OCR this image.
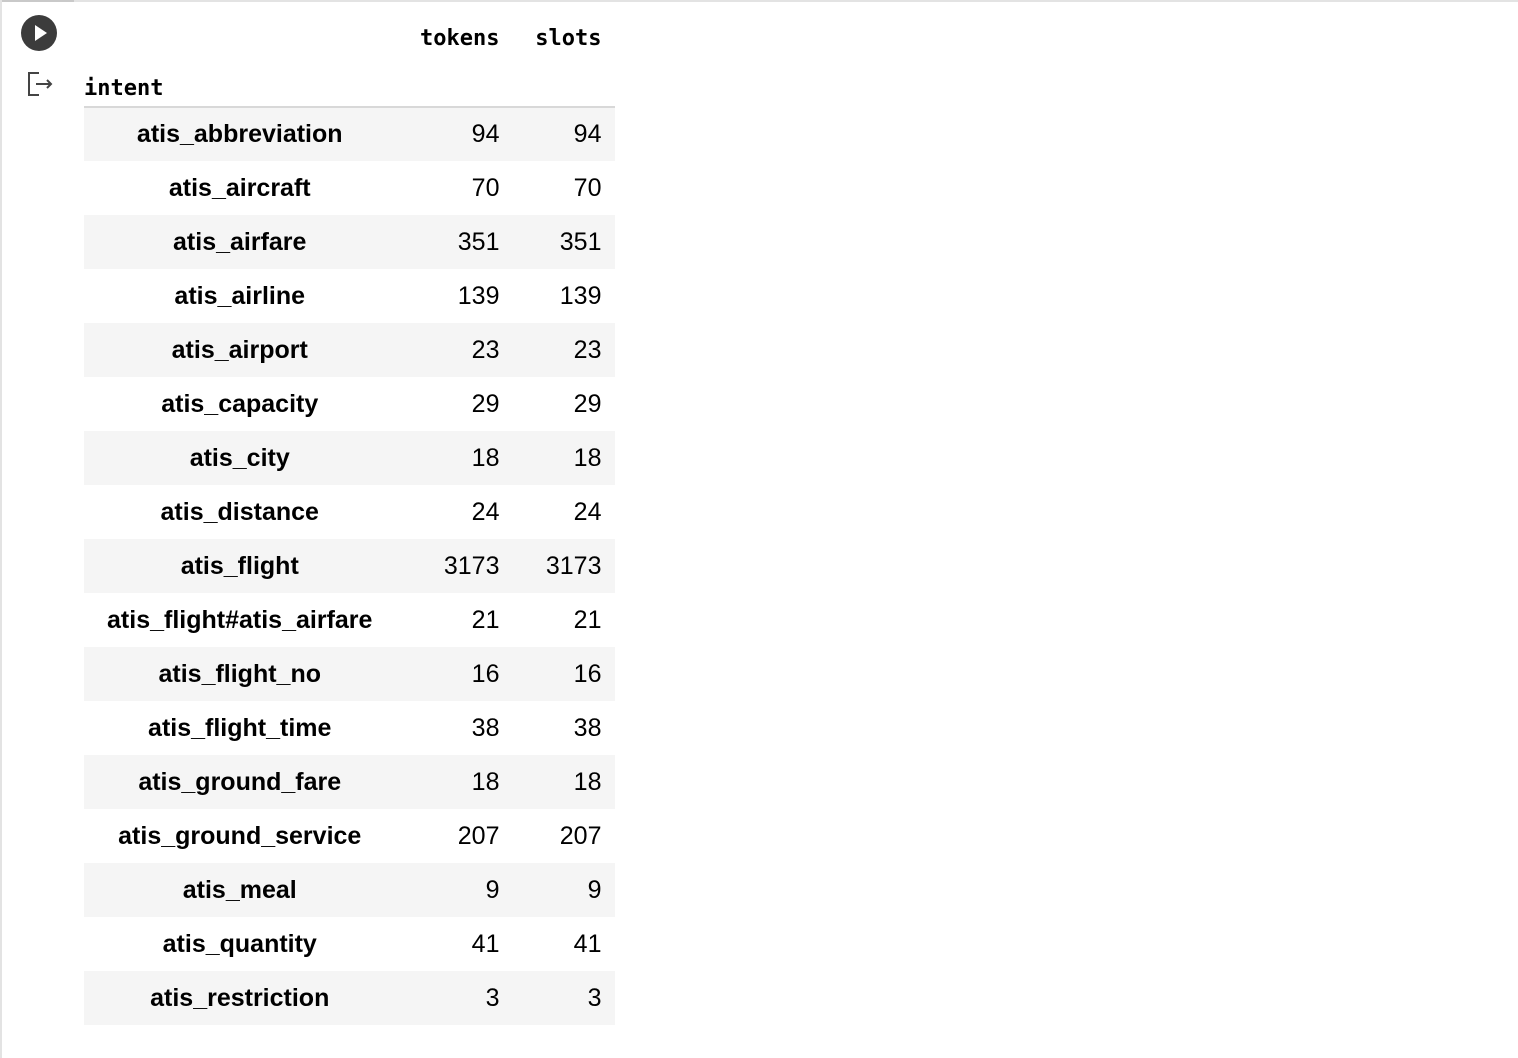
	tokens	slots
intent		
atis_abbreviation	94	94
atis_aircraft	70	70
atis_airfare	351	351
atis_airline	139	139
atis_airport	23	23
atis_capacity	29	29
atis_city	18	18
atis_distance	24	24
atis_flight	3173	3173
atis_flight#atis_airfare	21	21
atis_flight_no	16	16
atis_flight_time	38	38
atis_ground_fare	18	18
atis_ground_service	207	207
atis_meal	9	9
atis_quantity	41	41
atis_restriction	3	3
